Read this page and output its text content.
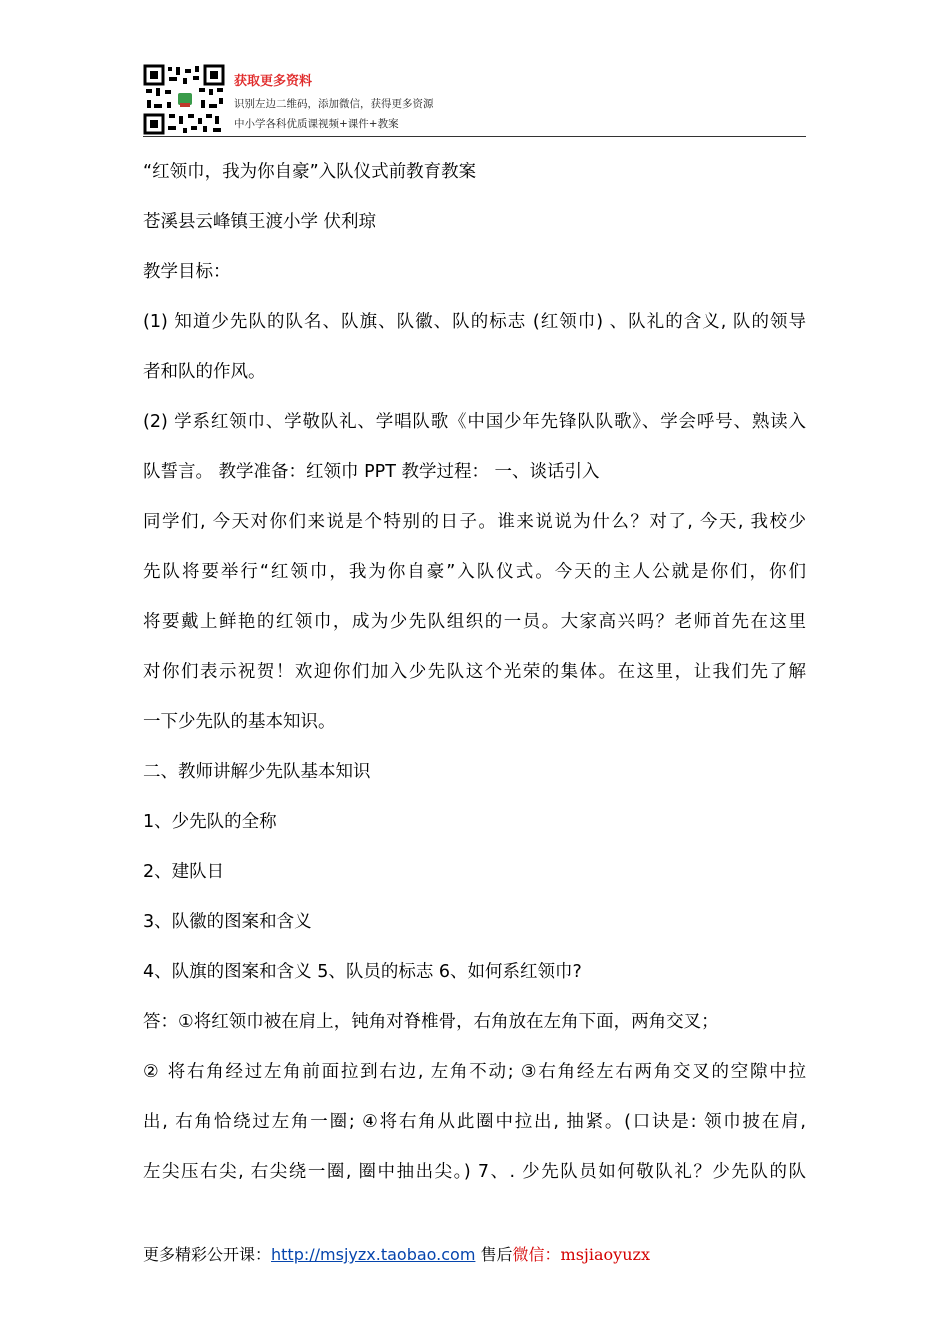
获取更多资料
识别左边二维码，添加微信，获得更多资源
中小学各科优质课视频+课件+教案
“红领巾，我为你自豪”入队仪式前教育教案
苍溪县云峰镇王渡小学 伏利琼
教学目标：
(1) 知道少先队的队名、队旗、队徽、队的标志 (红领巾) 、队礼的含义, 队的领导
者和队的作风。
(2) 学系红领巾、学敬队礼、学唱队歌《中国少年先锋队队歌》、学会呼号、熟读入
队誓言。 教学准备：红领巾 PPT 教学过程： 一、谈话引入
同学们, 今天对你们来说是个特别的日子。谁来说说为什么？对了, 今天, 我校少
先队将要举行“红领巾，我为你自豪”入队仪式。今天的主人公就是你们，你们
将要戴上鲜艳的红领巾，成为少先队组织的一员。大家高兴吗？老师首先在这里
对你们表示祝贺！欢迎你们加入少先队这个光荣的集体。在这里，让我们先了解
一下少先队的基本知识。
二、教师讲解少先队基本知识
1、少先队的全称
2、建队日
3、队徽的图案和含义
4、队旗的图案和含义 5、队员的标志 6、如何系红领巾?
答：①将红领巾被在肩上，钝角对脊椎骨，右角放在左角下面，两角交叉；
② 将右角经过左角前面拉到右边, 左角不动; ③右角经左右两角交叉的空隙中拉
出, 右角恰绕过左角一圈; ④将右角从此圈中拉出, 抽紧。(口诀是: 领巾披在肩,
左尖压右尖, 右尖绕一圈, 圈中抽出尖。) 7、. 少先队员如何敬队礼？少先队的队
更多精彩公开课：http://msjyzx.taobao.com 售后微信：msjiaoyuzx
